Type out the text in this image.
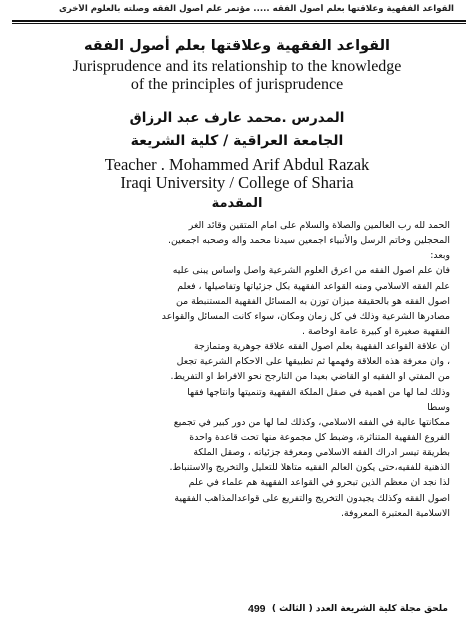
القواعد الفقهية وعلاقتها بعلم أصول الفقه ..... مؤتمر علم أصول الفقه وصلته بالعلوم الأخرى
القواعد الفقهية وعلاقتها بعلم أصول الفقه
Jurisprudence and its relationship to the knowledge
of the principles of jurisprudence
المدرس .محمد عارف عبد الرزاق
الجامعة العراقية / كلية الشريعة
Teacher . Mohammed Arif Abdul Razak
Iraqi University / College of Sharia
المقدمة
الحمد لله رب العالمين والصلاة والسلام على امام المتقين وقائد الغر
المحجلين وخاتم الرسل والأنبياء اجمعين سيدنا محمد واله وصحبه اجمعين.
وبعد:
فان علم اصول الفقه من اعرق العلوم الشرعية واصل واساس يبنى عليه
علم الفقه الاسلامي ومنه القواعد الفقهية بكل جزئياتها وتفاصيلها ، فعلم
اصول الفقه هو بالحقيقة ميزان توزن به المسائل الفقهية المستنبطة من
مصادرها الشرعية وذلك في كل زمان ومكان، سواء كانت المسائل والقواعد
الفقهية صغيرة او كبيرة عامة اوخاصة .
ان علاقة القواعد الفقهية بعلم اصول الفقه علاقة جوهرية ومتمازجة
، وان معرفة هذه العلاقة وفهمها ثم تطبيقها على الاحكام الشرعية تجعل
من المفتي او الفقيه او القاضي بعيدا من التارجح نحو الافراط او التفريط.
وذلك لما لها من اهمية في صقل الملكة الفقهية وتنميتها وانتاجها فقها
وسطا
ممكانتها عالية في الفقه الاسلامي، وكذلك لما لها من دور كبير في تجميع
الفروع الفقهية المتناثرة، وضبط كل مجموعة منها تحت قاعدة واحدة
بطريقة تيسر ادراك الفقه الاسلامي ومعرفة جزئياته ، وصقل الملكة
الذهنية للفقيه،حتى يكون العالم الفقيه متاهلا للتعليل والتخريج والاستنباط.
لذا نجد ان معظم الذين تبحرو في القواعد الفقهية هم علماء في علم
اصول الفقه وكذلك يجيدون التخريج والتفريع على قواعدالمذاهب الفقهية
الاسلامية المعتبرة المعروفة.
499 ملحق مجلة كلية الشريعة العدد ( الثالث )
